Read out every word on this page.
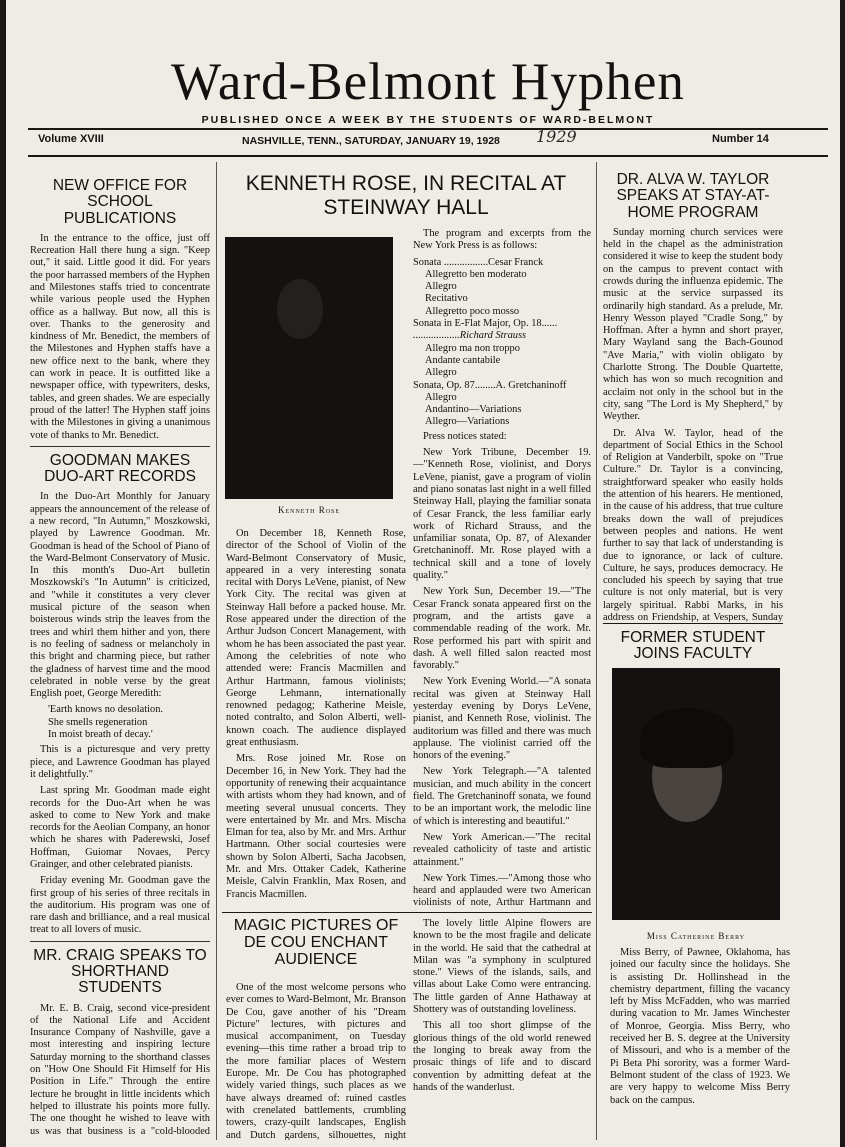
Ward-Belmont Hyphen
PUBLISHED ONCE A WEEK BY THE STUDENTS OF WARD-BELMONT
Volume XVIII	NASHVILLE, TENN., SATURDAY, JANUARY 19, 1928 1929	Number 14
NEW OFFICE FOR SCHOOL PUBLICATIONS

In the entrance to the office, just off Recreation Hall there hung a sign. "Keep out," it said. Little good it did. For years the poor harrassed members of the Hyphen and Milestones staffs tried to concentrate while various people used the Hyphen office as a hallway. But now, all this is over. Thanks to the generosity and kindness of Mr. Benedict, the members of the Milestones and Hyphen staffs have a new office next to the bank, where they can work in peace. It is outfitted like a newspaper office, with typewriters, desks, tables, and green shades. We are especially proud of the latter! The Hyphen staff joins with the Milestones in giving a unanimous vote of thanks to Mr. Benedict.

GOODMAN MAKES DUO-ART RECORDS

In the Duo-Art Monthly for January appears the announcement of the release of a new record, "In Autumn," Moszkowski, played by Lawrence Goodman. Mr. Goodman is head of the School of Piano of the Ward-Belmont Conservatory of Music. In this month's Duo-Art bulletin Moszkowski's "In Autumn" is criticized, and "while it constitutes a very clever musical picture of the season when boisterous winds strip the leaves from the trees and whirl them hither and yon, there is no feeling of sadness or melancholy in this bright and charming piece, but rather the gladness of harvest time and the mood celebrated in noble verse by the great English poet, George Meredith:

'Earth knows no desolation.
She smells regeneration
In moist breath of decay.'

This is a picturesque and very pretty piece, and Lawrence Goodman has played it delightfully."

Last spring Mr. Goodman made eight records for the Duo-Art when he was asked to come to New York and make records for the Aeolian Company, an honor which he shares with Paderewski, Josef Hoffman, Guiomar Novaes, Percy Grainger, and other celebrated pianists.

Friday evening Mr. Goodman gave the first group of his series of three recitals in the auditorium. His program was one of rare dash and brilliance, and a real musical treat to all lovers of music.

MR. CRAIG SPEAKS TO SHORTHAND STUDENTS

Mr. E. B. Craig, second vice-president of the National Life and Accident Insurance Company of Nashville, gave a most interesting and inspiring lecture Saturday morning to the shorthand classes on "How One Should Fit Himself for His Position in Life." Through the entire lecture he brought in little incidents which helped to illustrate his points more fully. The one thought he wished to leave with us was that business is a "cold-blooded

KENNETH ROSE, IN RECITAL AT STEINWAY HALL
Kenneth Rose

On December 18, Kenneth Rose, director of the School of Violin of the Ward-Belmont Conservatory of Music, appeared in a very interesting sonata recital with Dorys LeVene, pianist, of New York City. The recital was given at Steinway Hall before a packed house. Mr. Rose appeared under the direction of the Arthur Judson Concert Management, with whom he has been associated the past year. Among the celebrities of note who attended were: Francis Macmillen and Arthur Hartmann, famous violinists; George Lehmann, internationally renowned pedagog; Katherine Meisle, noted contralto, and Solon Alberti, well-known coach. The audience displayed great enthusiasm.

Mrs. Rose joined Mr. Rose on December 16, in New York. They had the opportunity of renewing their acquaintance with artists whom they had known, and of meeting several unusual concerts. They were entertained by Mr. and Mrs. Mischa Elman for tea, also by Mr. and Mrs. Arthur Hartmann. Other social courtesies were shown by Solon Alberti, Sacha Jacobsen, Mr. and Mrs. Ottaker Cadek, Katherine Meisle, Calvin Franklin, Max Rosen, and Francis Macmillen.

The program and excerpts from the New York Press is as follows:

Sonata .................Cesar Franck
Allegretto ben moderato
Allegro
Recitativo
Allegretto poco mosso
Sonata in E-Flat Major, Op. 18......
..................Richard Strauss
Allegro ma non troppo
Andante cantabile
Allegro
Sonata, Op. 87........A. Gretchaninoff
Allegro
Andantino—Variations
Allegro—Variations

Press notices stated:

New York Tribune, December 19.—"Kenneth Rose, violinist, and Dorys LeVene, pianist, gave a program of violin and piano sonatas last night in a well filled Steinway Hall, playing the familiar sonata of Cesar Franck, the less familiar early work of Richard Strauss, and the unfamiliar sonata, Op. 87, of Alexander Gretchaninoff. Mr. Rose played with a technical skill and a tone of lovely quality."

New York Sun, December 19.—"The Cesar Franck sonata appeared first on the program, and the artists gave a commendable reading of the work. Mr. Rose performed his part with spirit and dash. A well filled salon reacted most favorably."

New York Evening World.—"A sonata recital was given at Steinway Hall yesterday evening by Dorys LeVene, pianist, and Kenneth Rose, violinist. The auditorium was filled and there was much applause. The violinist carried off the honors of the evening."

New York Telegraph.—"A talented musician, and much ability in the concert field. The Gretchaninoff sonata, we found to be an important work, the melodic line of which is interesting and beautiful."

New York American.—"The recital revealed catholicity of taste and artistic attainment."

New York Times.—"Among those who heard and applauded were two American violinists of note, Arthur Hartmann and

MAGIC PICTURES OF DE COU ENCHANT AUDIENCE

One of the most welcome persons who ever comes to Ward-Belmont, Mr. Branson De Cou, gave another of his "Dream Picture" lectures, with pictures and musical accompaniment, on Tuesday evening—this time rather a broad trip to the more familiar places of Western Europe. Mr. De Cou has photographed widely varied things, such places as we have always dreamed of: ruined castles with crenelated battlements, crumbling towers, crazy-quilt landscapes, English and Dutch gardens, silhouettes, night

The lovely little Alpine flowers are known to be the most fragile and delicate in the world. He said that the cathedral at Milan was "a symphony in sculptured stone." Views of the islands, sails, and villas about Lake Como were entrancing. The little garden of Anne Hathaway at Shottery was of outstanding loveliness.

This all too short glimpse of the glorious things of the old world renewed the longing to break away from the prosaic things of life and to discard convention by admitting defeat at the hands of the wanderlust.

DR. ALVA W. TAYLOR SPEAKS AT STAY-AT-HOME PROGRAM

Sunday morning church services were held in the chapel as the administration considered it wise to keep the student body on the campus to prevent contact with crowds during the influenza epidemic. The music at the service surpassed its ordinarily high standard. As a prelude, Mr. Henry Wesson played "Cradle Song," by Hoffman. After a hymn and short prayer, Mary Wayland sang the Bach-Gounod "Ave Maria," with violin obligato by Charlotte Strong. The Double Quartette, which has won so much recognition and acclaim not only in the school but in the city, sang "The Lord is My Shepherd," by Weyther.

Dr. Alva W. Taylor, head of the department of Social Ethics in the School of Religion at Vanderbilt, spoke on "True Culture." Dr. Taylor is a convincing, straightforward speaker who easily holds the attention of his hearers. He mentioned, in the cause of his address, that true culture breaks down the wall of prejudices between peoples and nations. He went further to say that lack of understanding is due to ignorance, or lack of culture. Culture, he says, produces democracy. He concluded his speech by saying that true culture is not only material, but is very largely spiritual. Rabbi Marks, in his address on Friendship, at Vespers, Sunday

FORMER STUDENT JOINS FACULTY
Miss Catherine Berry

Miss Berry, of Pawnee, Oklahoma, has joined our faculty since the holidays. She is assisting Dr. Hollinshead in the chemistry department, filling the vacancy left by Miss McFadden, who was married during vacation to Mr. James Winchester of Monroe, Georgia. Miss Berry, who received her B. S. degree at the University of Missouri, and who is a member of the Pi Beta Phi sorority, was a former Ward-Belmont student of the class of 1923. We are very happy to welcome Miss Berry back on the campus.
